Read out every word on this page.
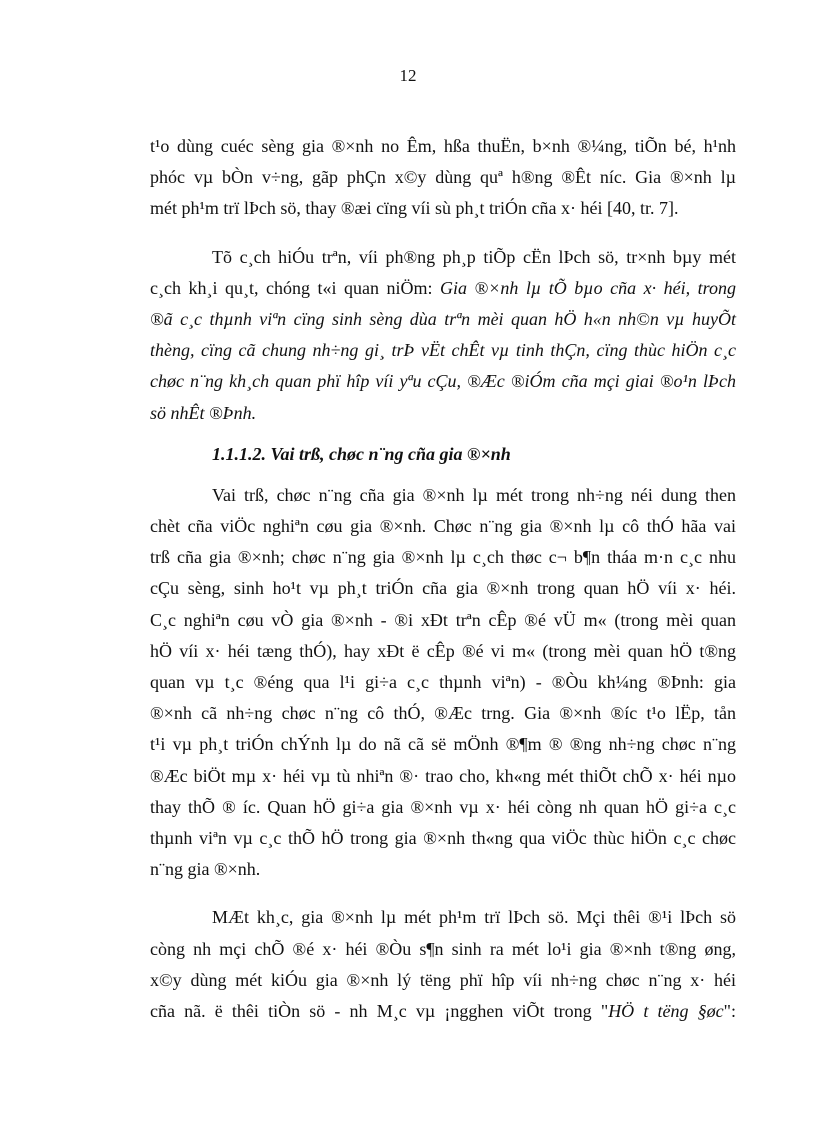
12
t¹o dùng cuéc sèng gia ®×nh no Êm, hßa thuËn, b×nh ®¼ng, tiÕn bé, h¹nh
phóc vµ bÒn v÷ng, gãp phÇn x©y dùng quª h®ng ®Êt níc. Gia ®×nh lµ
mét ph¹m trï lÞch sö, thay ®æi cïng víi sù ph¸t triÓn cña x· héi [40, tr. 7].
Tõ c¸ch hiÓu trªn, víi ph®ng ph¸p tiÕp cËn lÞch sö, tr×nh bµy mét
c¸ch kh¸i qu¸t, chóng t«i quan niÖm: Gia ®×nh lµ tÕ bµo cña x· héi, trong
®ã c¸c thµnh viªn cïng sinh sèng dùa trªn mèi quan hÖ h«n nh©n vµ huyÕt
thèng, cïng cã chung nh÷ng gi¸ trÞ vËt chÊt vµ tinh thÇn, cïng thùc hiÖn c¸c
chøc n¨ng kh¸ch quan phï hîp víi yªu cÇu, ®Æc ®iÓm cña mçi giai ®o¹n lÞch
sö nhÊt ®Þnh.
1.1.1.2. Vai trß, chøc n¨ng cña gia ®×nh
Vai trß, chøc n¨ng cña gia ®×nh lµ mét trong nh÷ng néi dung then
chèt cña viÖc nghiªn cøu gia ®×nh. Chøc n¨ng gia ®×nh lµ cô thÓ hãa vai
trß cña gia ®×nh; chøc n¨ng gia ®×nh lµ c¸ch thøc c¬ b¶n tháa m·n c¸c nhu
cÇu sèng, sinh ho¹t vµ ph¸t triÓn cña gia ®×nh trong quan hÖ víi x· héi.
C¸c nghiªn cøu vÒ gia ®×nh - ®i xÐt trªn cÊp ®é vÜ m« (trong mèi quan
hÖ víi x· héi tæng thÓ), hay xÐt ë cÊp ®é vi m« (trong mèi quan hÖ t®ng
quan vµ t¸c ®éng qua l¹i gi÷a c¸c thµnh viªn) - ®Òu kh¼ng ®Þnh: gia
®×nh cã nh÷ng chøc n¨ng cô thÓ, ®Æc trng. Gia ®×nh ®íc t¹o lËp, tån
t¹i vµ ph¸t triÓn chÝnh lµ do nã cã së mÖnh ®¶m ® ®ng nh÷ng chøc n¨ng
®Æc biÖt mµ x· héi vµ tù nhiªn ®· trao cho, kh«ng mét thiÕt chÕ x· héi nµo
thay thÕ ® íc. Quan hÖ gi÷a gia ®×nh vµ x· héi còng nh quan hÖ gi÷a c¸c
thµnh viªn vµ c¸c thÕ hÖ trong gia ®×nh th«ng qua viÖc thùc hiÖn c¸c chøc
n¨ng gia ®×nh.
MÆt kh¸c, gia ®×nh lµ mét ph¹m trï lÞch sö. Mçi thêi ®¹i lÞch sö
còng nh mçi chÕ ®é x· héi ®Òu s¶n sinh ra mét lo¹i gia ®×nh t®ng øng,
x©y dùng mét kiÓu gia ®×nh lý tëng phï hîp víi nh÷ng chøc n¨ng x· héi
cña nã. ë thêi tiÒn sö - nh M¸c vµ ¡ngghen viÕt trong "HÖ t tëng §øc":
